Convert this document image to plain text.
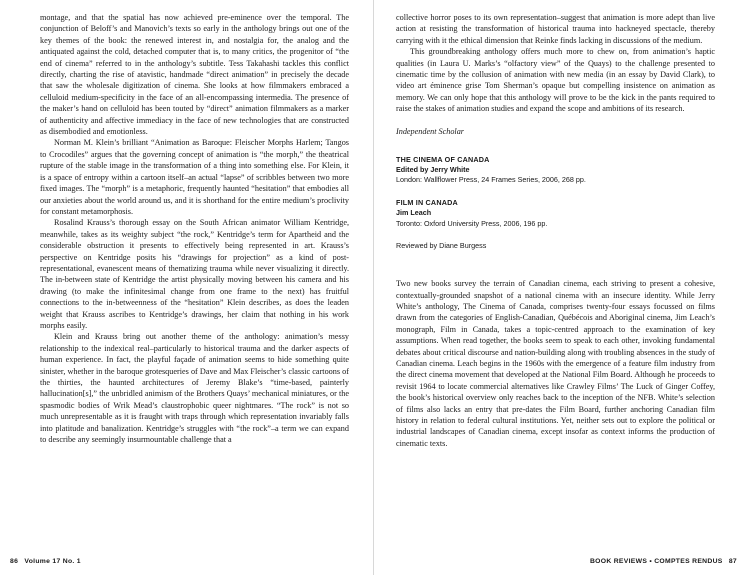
montage, and that the spatial has now achieved pre-eminence over the temporal. The conjunction of Beloff’s and Manovich’s texts so early in the anthology brings out one of the key themes of the book: the renewed interest in, and nostalgia for, the analog and the antiquated against the cold, detached computer that is, to many critics, the progenitor of “the end of cinema” referred to in the anthology’s subtitle. Tess Takahashi tackles this conflict directly, charting the rise of atavistic, handmade “direct animation” in precisely the decade that saw the wholesale digitization of cinema. She looks at how filmmakers embraced a celluloid medium-specificity in the face of an all-encompassing intermedia. The presence of the maker’s hand on celluloid has been touted by “direct” animation filmmakers as a marker of authenticity and affective immediacy in the face of new technologies that are constructed as disembodied and emotionless.

Norman M. Klein’s brilliant “Animation as Baroque: Fleischer Morphs Harlem; Tangos to Crocodiles” argues that the governing concept of animation is “the morph,” the theatrical rupture of the stable image in the transformation of a thing into something else. For Klein, it is a space of entropy within a cartoon itself–an actual “lapse” of scribbles between two more fixed images. The “morph” is a metaphoric, frequently haunted “hesitation” that embodies all our anxieties about the world around us, and it is shorthand for the entire medium’s proclivity for constant metamorphosis.

Rosalind Krauss’s thorough essay on the South African animator William Kentridge, meanwhile, takes as its weighty subject “the rock,” Kentridge’s term for Apartheid and the considerable obstruction it presents to effectively being represented in art. Krauss’s perspective on Kentridge posits his “drawings for projection” as a kind of post-representational, evanescent means of thematizing trauma while never visualizing it directly. The in-between state of Kentridge the artist physically moving between his camera and his drawing (to make the infinitesimal change from one frame to the next) has fruitful connections to the in-betweenness of the “hesitation” Klein describes, as does the leaden weight that Krauss ascribes to Kentridge’s drawings, her claim that nothing in his work morphs easily.

Klein and Krauss bring out another theme of the anthology: animation’s messy relationship to the indexical real–particularly to historical trauma and the darker aspects of human experience. In fact, the playful façade of animation seems to hide something quite sinister, whether in the baroque grotesqueries of Dave and Max Fleischer’s classic cartoons of the thirties, the haunted architectures of Jeremy Blake’s “time-based, painterly hallucination[s],” the unbridled animism of the Brothers Quays’ mechanical miniatures, or the spasmodic bodies of Wrik Mead’s claustrophobic queer nightmares. “The rock” is not so much unrepresentable as it is fraught with traps through which representation invariably falls into platitude and banalization. Kentridge’s struggles with “the rock”–a term we can expand to describe any seemingly insurmountable challenge that a

86 Volume 17 No. 1

collective horror poses to its own representation–suggest that animation is more adept than live action at resisting the transformation of historical trauma into hackneyed spectacle, thereby carrying with it the ethical dimension that Reinke finds lacking in discussions of the medium.

This groundbreaking anthology offers much more to chew on, from animation’s haptic qualities (in Laura U. Marks’s “olfactory view” of the Quays) to the challenge presented to cinematic time by the collusion of animation with new media (in an essay by David Clark), to video art éminence grise Tom Sherman’s opaque but compelling insistence on animation as memory. We can only hope that this anthology will prove to be the kick in the pants required to raise the stakes of animation studies and expand the scope and ambitions of its research.

Independent Scholar
THE CINEMA OF CANADA
Edited by Jerry White
London: Wallflower Press, 24 Frames Series, 2006, 268 pp.
FILM IN CANADA
Jim Leach
Toronto: Oxford University Press, 2006, 196 pp.
Reviewed by Diane Burgess

Two new books survey the terrain of Canadian cinema, each striving to present a cohesive, contextually-grounded snapshot of a national cinema with an insecure identity. While Jerry White’s anthology, The Cinema of Canada, comprises twenty-four essays focussed on films drawn from the categories of English-Canadian, Québécois and Aboriginal cinema, Jim Leach’s monograph, Film in Canada, takes a topic-centred approach to the examination of key assumptions. When read together, the books seem to speak to each other, invoking fundamental debates about critical discourse and nation-building along with troubling absences in the study of Canadian cinema. Leach begins in the 1960s with the emergence of a feature film industry from the direct cinema movement that developed at the National Film Board. Although he proceeds to revisit 1964 to locate commercial alternatives like Crawley Films’ The Luck of Ginger Coffey, the book’s historical overview only reaches back to the inception of the NFB. White’s selection of films also lacks an entry that pre-dates the Film Board, further anchoring Canadian film history in relation to federal cultural institutions. Yet, neither sets out to explore the political or industrial landscapes of Canadian cinema, except insofar as context informs the production of cinematic texts.

BOOK REVIEWS • COMPTES RENDUS 87
